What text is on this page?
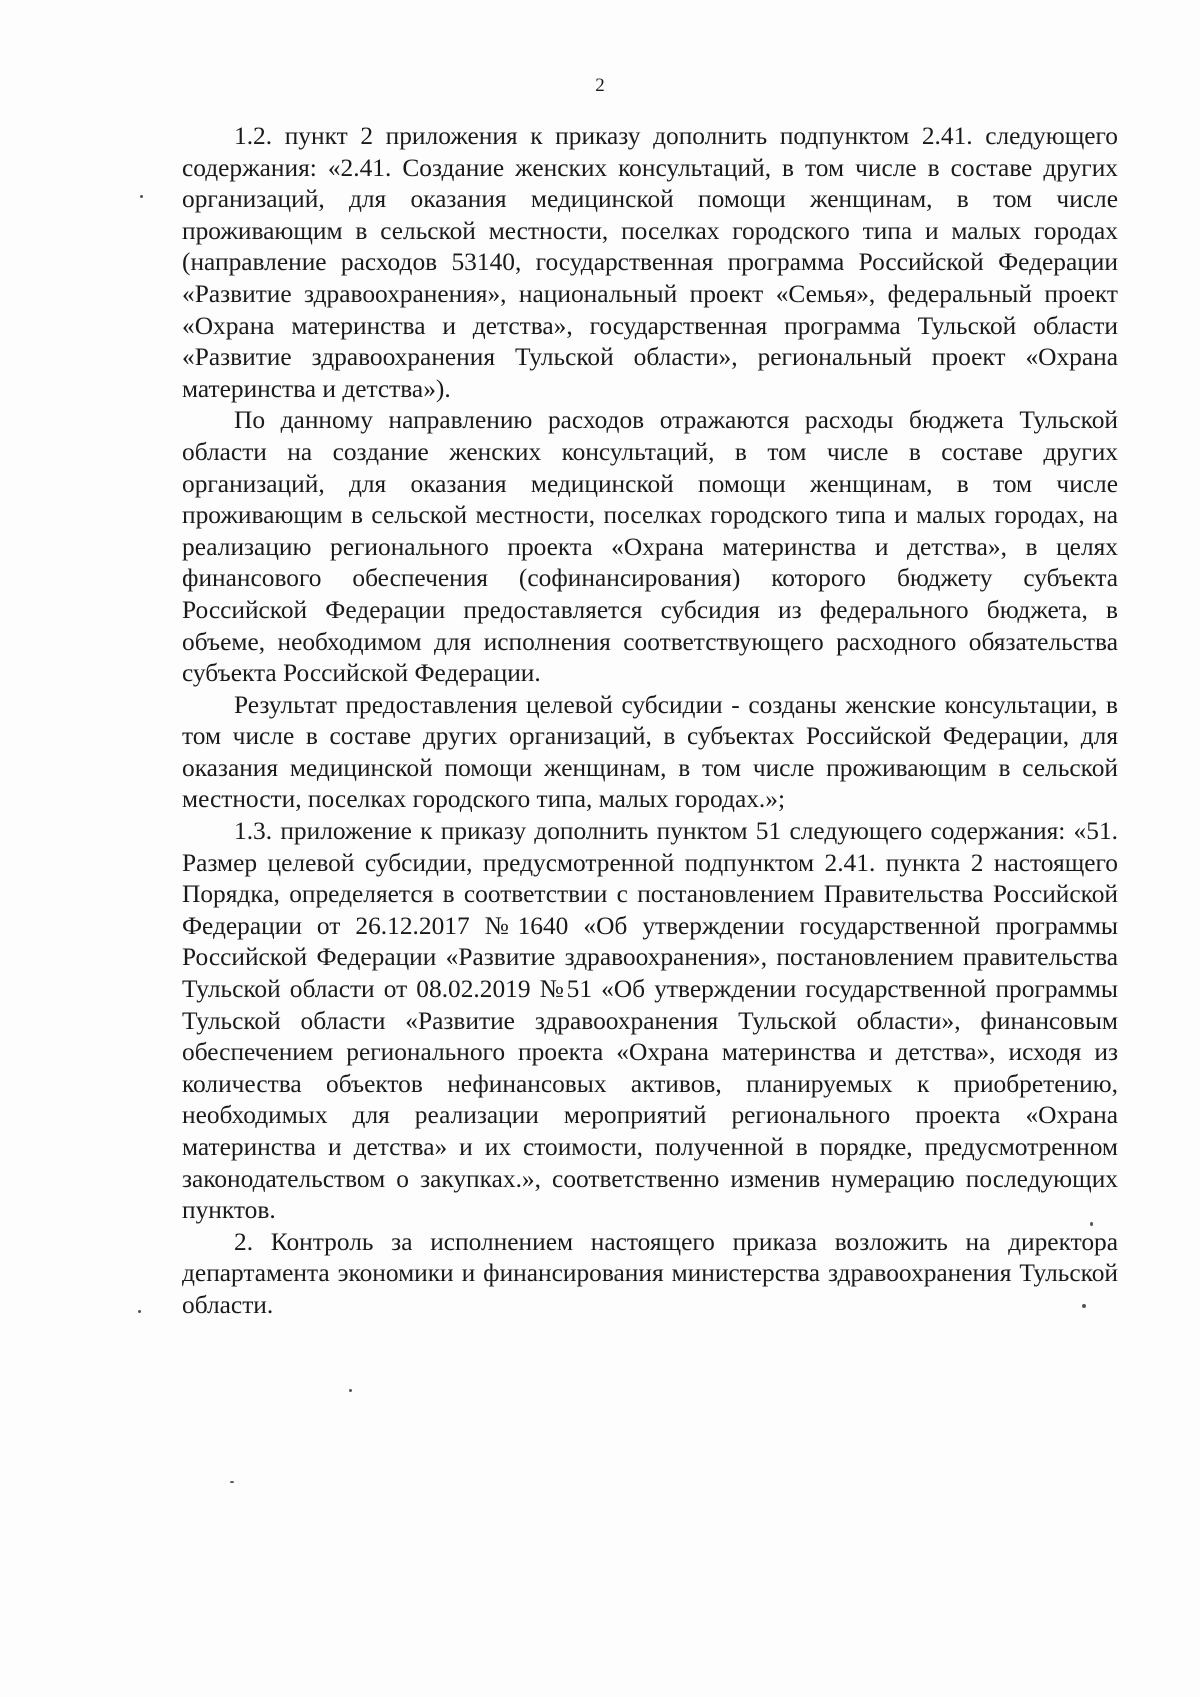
2

1.2. пункт 2 приложения к приказу дополнить подпунктом 2.41. следующего содержания: «2.41. Создание женских консультаций, в том числе в составе других организаций, для оказания медицинской помощи женщинам, в том числе проживающим в сельской местности, поселках городского типа и малых городах (направление расходов 53140, государственная программа Российской Федерации «Развитие здравоохранения», национальный проект «Семья», федеральный проект «Охрана материнства и детства», государственная программа Тульской области «Развитие здравоохранения Тульской области», региональный проект «Охрана материнства и детства»).

По данному направлению расходов отражаются расходы бюджета Тульской области на создание женских консультаций, в том числе в составе других организаций, для оказания медицинской помощи женщинам, в том числе проживающим в сельской местности, поселках городского типа и малых городах, на реализацию регионального проекта «Охрана материнства и детства», в целях финансового обеспечения (софинансирования) которого бюджету субъекта Российской Федерации предоставляется субсидия из федерального бюджета, в объеме, необходимом для исполнения соответствующего расходного обязательства субъекта Российской Федерации.

Результат предоставления целевой субсидии - созданы женские консультации, в том числе в составе других организаций, в субъектах Российской Федерации, для оказания медицинской помощи женщинам, в том числе проживающим в сельской местности, поселках городского типа, малых городах.»;

1.3. приложение к приказу дополнить пунктом 51 следующего содержания: «51. Размер целевой субсидии, предусмотренной подпунктом 2.41. пункта 2 настоящего Порядка, определяется в соответствии с постановлением Правительства Российской Федерации от 26.12.2017 №1640 «Об утверждении государственной программы Российской Федерации «Развитие здравоохранения», постановлением правительства Тульской области от 08.02.2019 №51 «Об утверждении государственной программы Тульской области «Развитие здравоохранения Тульской области», финансовым обеспечением регионального проекта «Охрана материнства и детства», исходя из количества объектов нефинансовых активов, планируемых к приобретению, необходимых для реализации мероприятий регионального проекта «Охрана материнства и детства» и их стоимости, полученной в порядке, предусмотренном законодательством о закупках.», соответственно изменив нумерацию последующих пунктов.

2. Контроль за исполнением настоящего приказа возложить на директора департамента экономики и финансирования министерства здравоохранения Тульской области.
